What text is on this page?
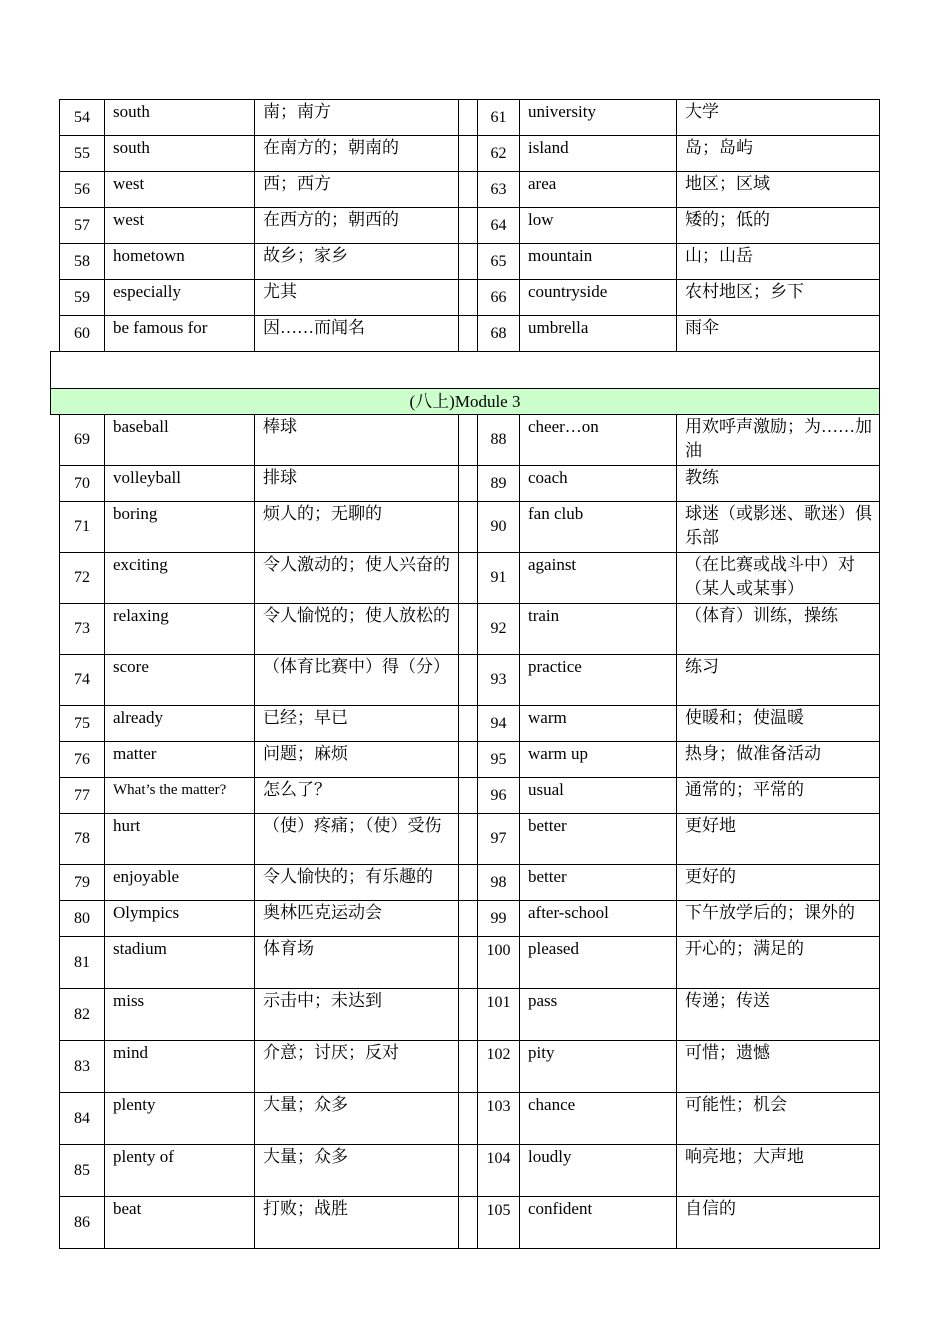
	54	south	南；南方		61	university	大学
	55	south	在南方的；朝南的		62	island	岛；岛屿
	56	west	西；西方		63	area	地区；区域
	57	west	在西方的；朝西的		64	low	矮的；低的
	58	hometown	故乡；家乡		65	mountain	山；山岳
	59	especially	尤其		66	countryside	农村地区；乡下
	60	be famous for	因……而闻名		68	umbrella	雨伞

(八上)Module 3							
	69	baseball	棒球		88	cheer…on	用欢呼声激励；为……加油
	70	volleyball	排球		89	coach	教练
	71	boring	烦人的；无聊的		90	fan club	球迷（或影迷、歌迷）俱乐部
	72	exciting	令人激动的；使人兴奋的		91	against	（在比赛或战斗中）对（某人或某事）
	73	relaxing	令人愉悦的；使人放松的		92	train	（体育）训练，操练
	74	score	（体育比赛中）得（分）		93	practice	练习
	75	already	已经；早已		94	warm	使暖和；使温暖
	76	matter	问题；麻烦		95	warm up	热身；做准备活动
	77	What’s the matter?	怎么了？		96	usual	通常的；平常的
	78	hurt	（使）疼痛；（使）受伤		97	better	更好地
	79	enjoyable	令人愉快的；有乐趣的		98	better	更好的
	80	Olympics	奥林匹克运动会		99	after-school	下午放学后的；课外的
	81	stadium	体育场		100	pleased	开心的；满足的
	82	miss	示击中；未达到		101	pass	传递；传送
	83	mind	介意；讨厌；反对		102	pity	可惜；遗憾
	84	plenty	大量；众多		103	chance	可能性；机会
	85	plenty of	大量；众多		104	loudly	响亮地；大声地
	86	beat	打败；战胜		105	confident	自信的
